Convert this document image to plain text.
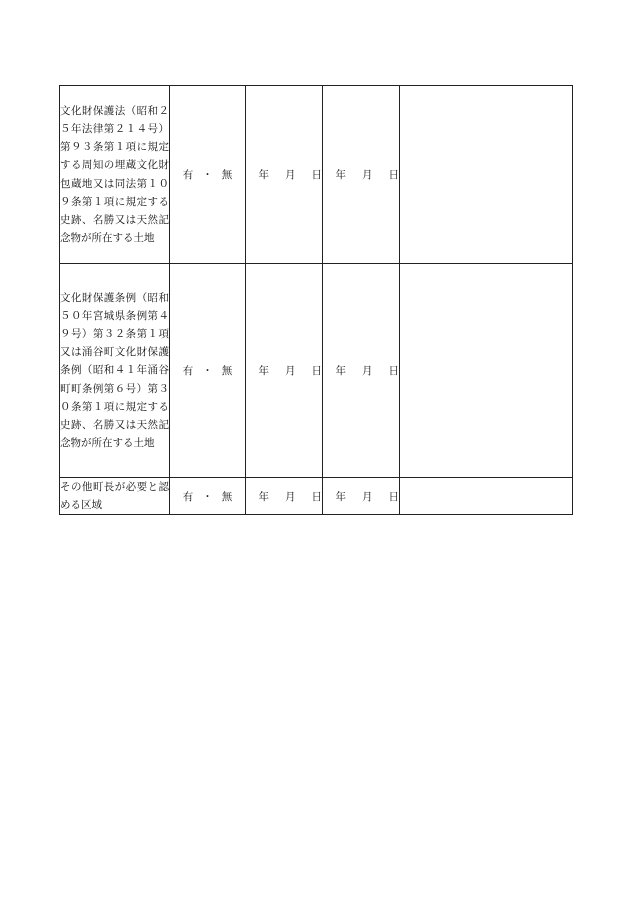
文化財保護法（昭和２５年法律第２１４号）第９３条第１項に規定する周知の埋蔵文化財包蔵地又は同法第１０９条第１項に規定する史跡、名勝又は天然記念物が所在する土地	有 ・ 無	年 月 日	年 月 日	
文化財保護条例（昭和５０年宮城県条例第４９号）第３２条第１項又は涌谷町文化財保護条例（昭和４１年涌谷町町条例第６号）第３０条第１項に規定する史跡、名勝又は天然記念物が所在する土地	有 ・ 無	年 月 日	年 月 日	
その他町長が必要と認める区域	有 ・ 無	年 月 日	年 月 日	
